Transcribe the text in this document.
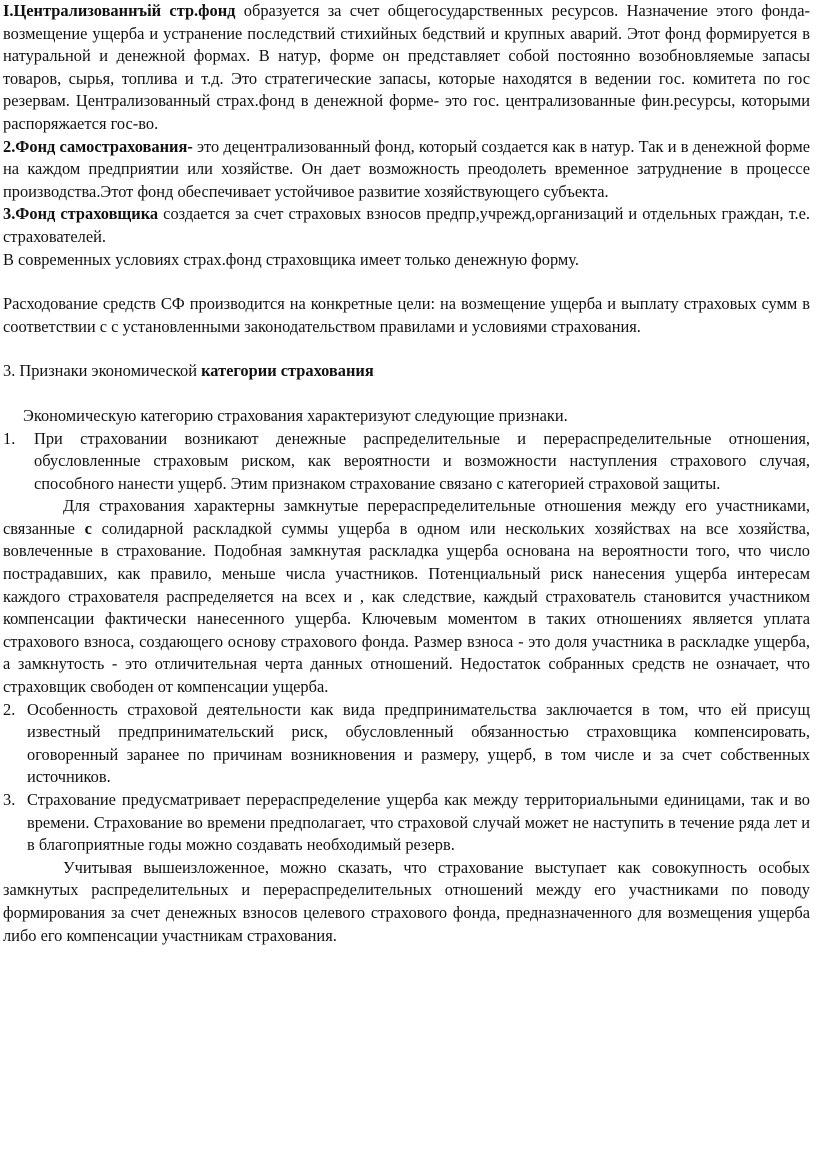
I.Централизованнъій стр.фонд образуется за счет общегосударственных ресурсов. Назначение этого фонда- возмещение ущерба и устранение последствий стихийных бедствий и крупных аварий. Этот фонд формируется в натуральной и денежной формах. В натур, форме он представляет собой постоянно возобновляемые запасы товаров, сырья, топлива и т.д. Это стратегические запасы, которые находятся в ведении гос. комитета по гос резервам. Централизованный страх.фонд в денежной форме- это гос. централизованные фин.ресурсы, которыми распоряжается гос-во.

2.Фонд самострахования- это децентрализованный фонд, который создается как в натур. Так и в денежной форме на каждом предприятии или хозяйстве. Он дает возможность преодолеть временное затруднение в процессе производства.Этот фонд обеспечивает устойчивое развитие хозяйствующего субъекта.

3.Фонд страховщика создается за счет страховых взносов предпр,учрежд,организаций и отдельных граждан, т.е. страхователей.

В современных условиях страх.фонд страховщика имеет только денежную форму.

Расходование средств СФ производится на конкретные цели: на возмещение ущерба и выплату страховых сумм в соответствии с с установленными законодательством правилами и условиями страхования.

3. Признаки экономической категории страхования

Экономическую категорию страхования характеризуют следующие признаки.

1. При страховании возникают денежные распределительные и перераспределительные отношения, обусловленные страховым риском, как вероятности и возможности наступления страхового случая, способного нанести ущерб. Этим признаком страхование связано с категорией страховой защиты.

Для страхования характерны замкнутые перераспределительные отношения между его участниками, связанные с солидарной раскладкой суммы ущерба в одном или нескольких хозяйствах на все хозяйства, вовлеченные в страхование. Подобная замкнутая раскладка ущерба основана на вероятности того, что число пострадавших, как правило, меньше числа участников. Потенциальный риск нанесения ущерба интересам каждого страхователя распределяется на всех и , как следствие, каждый страхователь становится участником компенсации фактически нанесенного ущерба. Ключевым моментом в таких отношениях является уплата страхового взноса, создающего основу страхового фонда. Размер взноса - это доля участника в раскладке ущерба, а замкнутость - это отличительная черта данных отношений. Недостаток собранных средств не означает, что страховщик свободен от компенсации ущерба.

2. Особенность страховой деятельности как вида предпринимательства заключается в том, что ей присущ известный предпринимательский риск, обусловленный обязанностью страховщика компенсировать, оговоренный заранее по причинам возникновения и размеру, ущерб, в том числе и за счет собственных источников.

3. Страхование предусматривает перераспределение ущерба как между территориальными единицами, так и во времени. Страхование во времени предполагает, что страховой случай может не наступить в течение ряда лет и в благоприятные годы можно создавать необходимый резерв.

Учитывая вышеизложенное, можно сказать, что страхование выступает как совокупность особых замкнутых распределительных и перераспределительных отношений между его участниками по поводу формирования за счет денежных взносов целевого страхового фонда, предназначенного для возмещения ущерба либо его компенсации участникам страхования.
